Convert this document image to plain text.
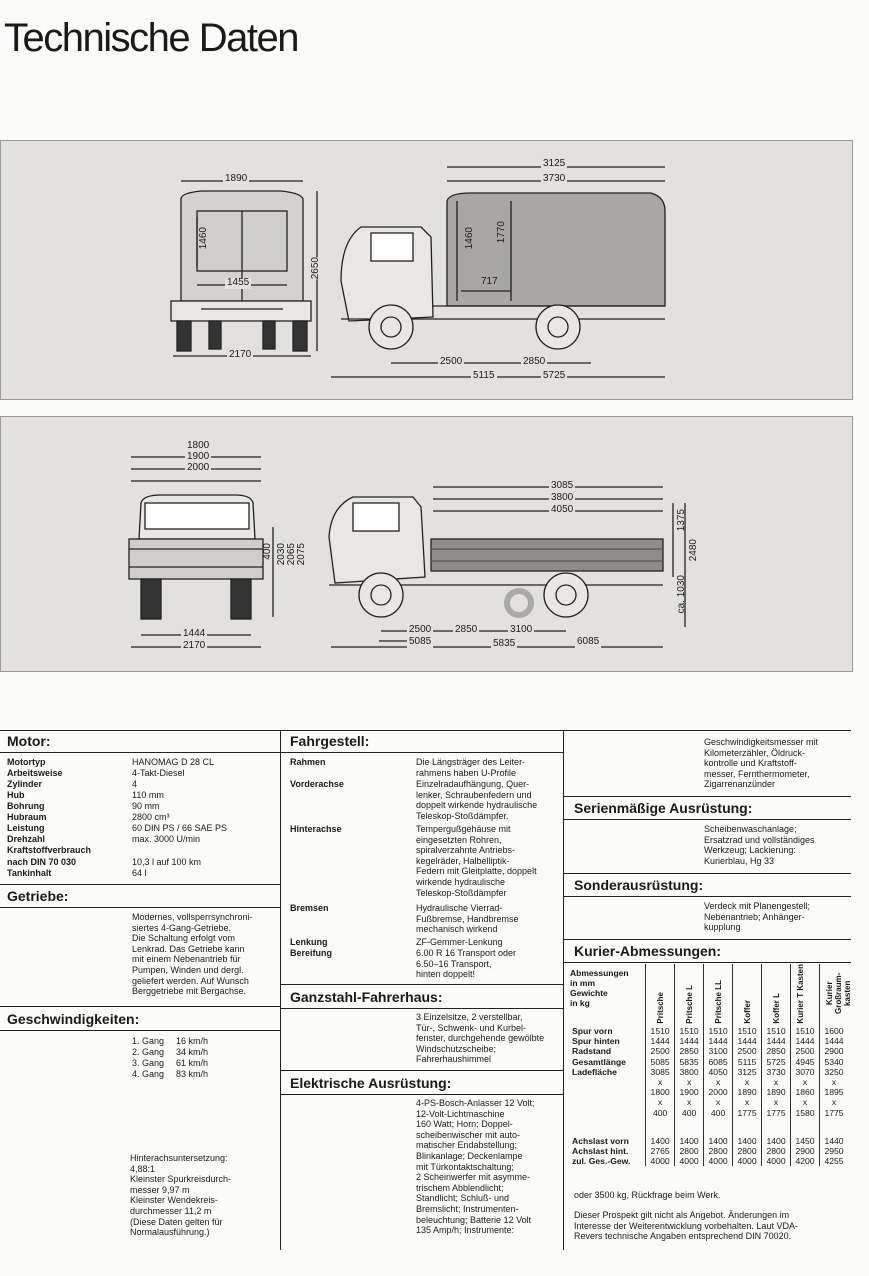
Technische Daten
1890
3125
3730
1455	717
2170
2500	2850
5115	5725
1460
2650
1460 1770
1800
1900
2000
3085
3800
4050
1444
2170
2500 2850	3100
5085	5835	6085
400 2030 2065 2075
1375
2480
ca. 1030
Motor:
Motortyp	HANOMAG D 28 CL
Arbeitsweise	4-Takt-Diesel
Zylinder	4
Hub	110 mm
Bohrung	90 mm
Hubraum	2800 cm³
Leistung	60 DIN PS / 66 SAE PS
Drehzahl	max. 3000 U/min
Kraftstoffverbrauch
nach DIN 70 030	10,3 l auf 100 km
Tankinhalt	64 l
Getriebe:
Modernes, vollsperrsynchroni-
siertes 4-Gang-Getriebe.
Die Schaltung erfolgt vom
Lenkrad. Das Getriebe kann
mit einem Nebenantrieb für
Pumpen, Winden und dergl.
geliefert werden. Auf Wunsch
Berggetriebe mit Bergachse.
Geschwindigkeiten:
1. Gang 16 km/h
2. Gang 34 km/h
3. Gang 61 km/h
4. Gang 83 km/h
Hinterachsuntersetzung:
4,88:1
Kleinster Spurkreisdurch-
messer 9,97 m
Kleinster Wendekreis-
durchmesser 11,2 m
(Diese Daten gelten für
Normalausführung.)
Fahrgestell:
Rahmen	Die Längsträger des Leiter-
rahmens haben U-Profile
Vorderachse	Einzelradaufhängung, Quer-
lenker, Schraubenfedern und
doppelt wirkende hydraulische
Teleskop-Stoßdämpfer.
Hinterachse	Tempergußgehäuse mit
eingesetzten Rohren,
spiralverzahnte Antriebs-
kegelräder, Halbelliptik-
Federn mit Gleitplatte, doppelt
wirkende hydraulische
Teleskop-Stoßdämpfer
Bremsen	Hydraulische Vierrad-
Fußbremse, Handbremse
mechanisch wirkend
Lenkung	ZF-Gemmer-Lenkung
Bereifung	6.00 R 16 Transport oder
6.50–16 Transport,
hinten doppelt!
Ganzstahl-Fahrerhaus:
3 Einzelsitze, 2 verstellbar,
Tür-, Schwenk- und Kurbel-
fenster, durchgehende gewölbte
Windschutzscheibe;
Fahrerhaushimmel
Elektrische Ausrüstung:
4-PS-Bosch-Anlasser 12 Volt;
12-Volt-Lichtmaschine
160 Watt; Horn; Doppel-
scheibenwischer mit auto-
matischer Endabstellung;
Blinkanlage; Deckenlampe
mit Türkontaktschaltung;
2 Scheinwerfer mit asymme-
trischem Abblendlicht;
Standlicht; Schluß- und
Bremslicht; Instrumenten-
beleuchtung; Batterie 12 Volt
135 Amp/h; Instrumente:
Geschwindigkeitsmesser mit
Kilometerzähler, Öldruck-
kontrolle und Kraftstoff-
messer, Fernthermometer,
Zigarrenanzünder
Serienmäßige Ausrüstung:
Scheibenwaschanlage;
Ersatzrad und vollständiges
Werkzeug; Lackierung:
Kurierblau, Hg 33
Sonderausrüstung:
Verdeck mit Planengestell;
Nebenantrieb; Anhänger-
kupplung
Kurier-Abmessungen:
Abmessungen
in mm
Gewichte
in kg	Pritsche	Pritsche L	Pritsche LL	Koffer	Koffer L	Kurier T Kasten	Kurier Großraum-kasten
Spur vorn	1510	1510	1510	1510	1510	1510	1600
Spur hinten	1444	1444	1444	1444	1444	1444	1444
Radstand	2500	2850	3100	2500	2850	2500	2900
Gesamtlänge	5085	5835	6085	5115	5725	4945	5340
Ladefläche	3085	3800	4050	3125	3730	3070	3250
	x	x	x	x	x	x	x
	1800	1900	2000	1890	1890	1860	1895
	x	x	x	x	x	x	x
	400	400	400	1775	1775	1580	1775

Achslast vorn	1400	1400	1400	1400	1400	1450	1440
Achslast hint.	2765	2800	2800	2800	2800	2900	2950
zul. Ges.-Gew.	4000	4000	4000	4000	4000	4200	4255
oder 3500 kg, Rückfrage beim Werk.
Dieser Prospekt gilt nicht als Angebot. Änderungen im
Interesse der Weiterentwicklung vorbehalten. Laut VDA-
Revers technische Angaben entsprechend DIN 70020.
